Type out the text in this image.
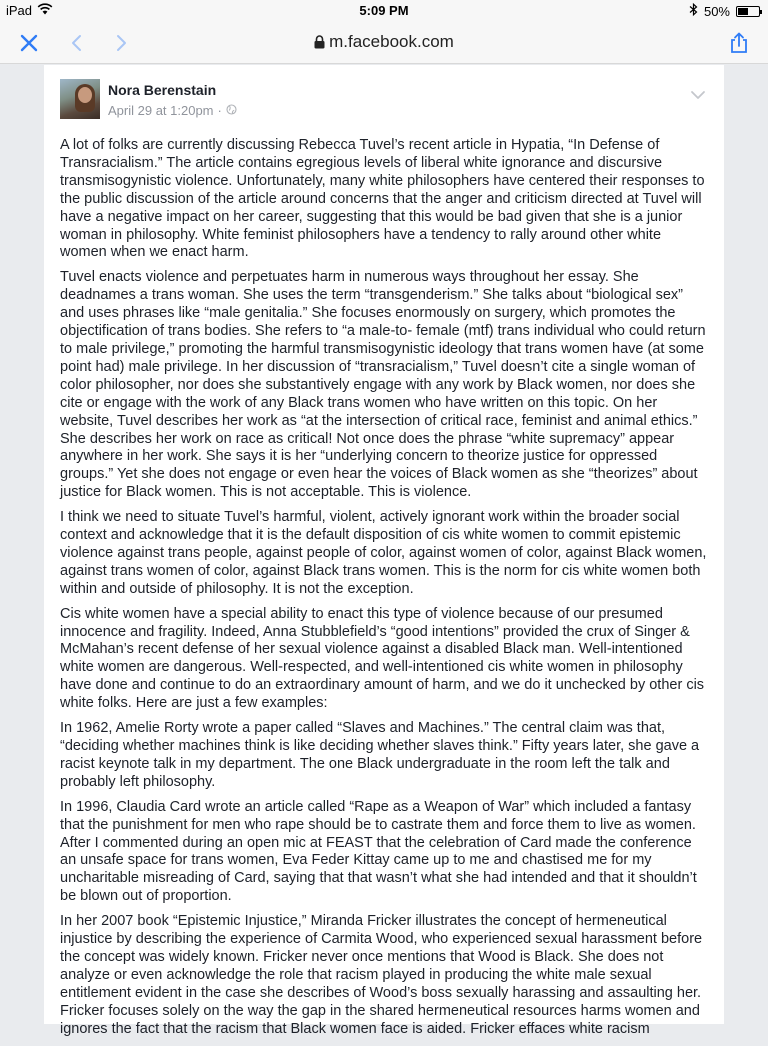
iPad	5:09 PM	50%
m.facebook.com
Nora Berenstain
April 29 at 1:20pm ·

A lot of folks are currently discussing Rebecca Tuvel’s recent article in Hypatia, “In Defense of Transracialism.” The article contains egregious levels of liberal white ignorance and discursive transmisogynistic violence. Unfortunately, many white philosophers have centered their responses to the public discussion of the article around concerns that the anger and criticism directed at Tuvel will have a negative impact on her career, suggesting that this would be bad given that she is a junior woman in philosophy. White feminist philosophers have a tendency to rally around other white women when we enact harm.

Tuvel enacts violence and perpetuates harm in numerous ways throughout her essay. She deadnames a trans woman. She uses the term “transgenderism.” She talks about “biological sex” and uses phrases like “male genitalia.” She focuses enormously on surgery, which promotes the objectification of trans bodies. She refers to “a male-to- female (mtf) trans individual who could return to male privilege,” promoting the harmful transmisogynistic ideology that trans women have (at some point had) male privilege. In her discussion of “transracialism,” Tuvel doesn’t cite a single woman of color philosopher, nor does she substantively engage with any work by Black women, nor does she cite or engage with the work of any Black trans women who have written on this topic. On her website, Tuvel describes her work as “at the intersection of critical race, feminist and animal ethics.” She describes her work on race as critical! Not once does the phrase “white supremacy” appear anywhere in her work. She says it is her “underlying concern to theorize justice for oppressed groups.” Yet she does not engage or even hear the voices of Black women as she “theorizes” about justice for Black women. This is not acceptable. This is violence.

I think we need to situate Tuvel’s harmful, violent, actively ignorant work within the broader social context and acknowledge that it is the default disposition of cis white women to commit epistemic violence against trans people, against people of color, against women of color, against Black women, against trans women of color, against Black trans women. This is the norm for cis white women both within and outside of philosophy. It is not the exception.

Cis white women have a special ability to enact this type of violence because of our presumed innocence and fragility. Indeed, Anna Stubblefield’s “good intentions” provided the crux of Singer & McMahan’s recent defense of her sexual violence against a disabled Black man. Well-intentioned white women are dangerous. Well-respected, and well-intentioned cis white women in philosophy have done and continue to do an extraordinary amount of harm, and we do it unchecked by other cis white folks. Here are just a few examples:

In 1962, Amelie Rorty wrote a paper called “Slaves and Machines.” The central claim was that, “deciding whether machines think is like deciding whether slaves think.” Fifty years later, she gave a racist keynote talk in my department. The one Black undergraduate in the room left the talk and probably left philosophy.

In 1996, Claudia Card wrote an article called “Rape as a Weapon of War” which included a fantasy that the punishment for men who rape should be to castrate them and force them to live as women. After I commented during an open mic at FEAST that the celebration of Card made the conference an unsafe space for trans women, Eva Feder Kittay came up to me and chastised me for my uncharitable misreading of Card, saying that that wasn’t what she had intended and that it shouldn’t be blown out of proportion.

In her 2007 book “Epistemic Injustice,” Miranda Fricker illustrates the concept of hermeneutical injustice by describing the experience of Carmita Wood, who experienced sexual harassment before the concept was widely known. Fricker never once mentions that Wood is Black. She does not analyze or even acknowledge the role that racism played in producing the white male sexual entitlement evident in the case she describes of Wood’s boss sexually harassing and assaulting her. Fricker focuses solely on the way the gap in the shared hermeneutical resources harms women and ignores the fact that the racism that Black women face is aided. Fricker effaces white racism
